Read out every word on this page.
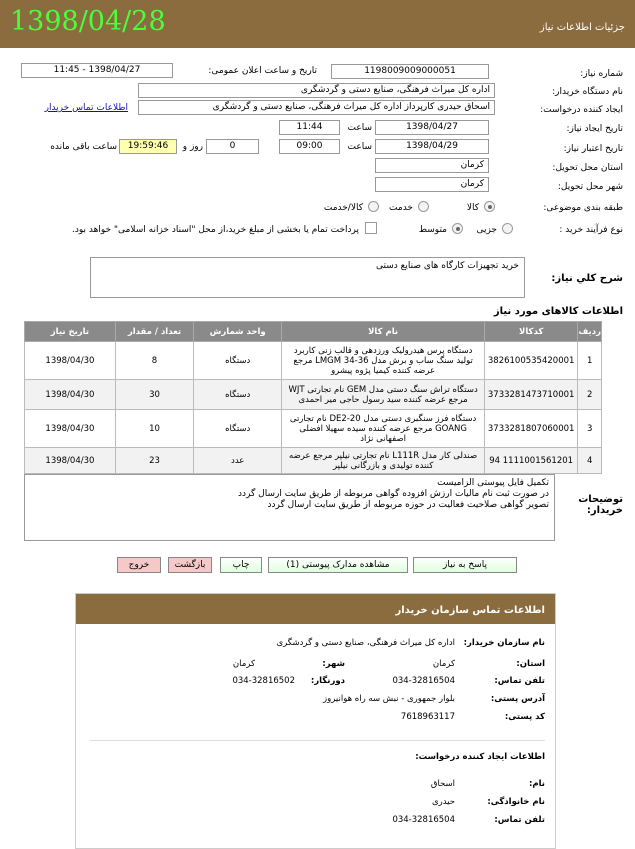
1398/04/28	جزئیات اطلاعات نیاز
شماره نیاز:
1198009009000051
تاریخ و ساعت اعلان عمومی:
1398/04/27 - 11:45
نام دستگاه خریدار:
اداره کل میراث فرهنگی، صنایع دستی و گردشگری
ایجاد کننده درخواست:
اسحاق حیدری کارپرداز اداره کل میراث فرهنگی، صنایع دستی و گردشگری
اطلاعات تماس خریدار
تاریخ ایجاد نیاز:
1398/04/27
ساعت
11:44
تاریخ اعتبار نیاز:
1398/04/29
ساعت
09:00
0
روز و
19:59:46
ساعت باقی مانده
استان محل تحویل:
کرمان
شهر محل تحویل:
کرمان
طبقه بندی موضوعی:
کالا
خدمت
کالا/خدمت
نوع فرآیند خرید :
جزیی
متوسط
پرداخت تمام یا بخشی از مبلغ خرید،از محل "اسناد خزانه اسلامی" خواهد بود.
شرح کلي نياز:
خرید تجهیزات کارگاه های صنایع دستی
اطلاعات کالاهای مورد نیاز
ردیف	کدکالا	نام کالا	واحد شمارش	تعداد / مقدار	تاریخ نیاز
1	3826100535420001	دستگاه پرس هیدرولیک ورزدهی و قالب زنی کاربرد تولید سنگ ساب و برش مدل 36-LMGM 34 مرجع عرضه کننده کیمیا پژوه پیشرو	دستگاه	8	1398/04/30
2	3733281473710001	دستگاه تراش سنگ دستی مدل GEM نام تجارتی WJT مرجع عرضه کننده سید رسول حاجی میر احمدی	دستگاه	30	1398/04/30
3	3733281807060001	دستگاه فرز سنگبری دستی مدل DE2-20 نام تجارتی GOANG مرجع عرضه کننده سیده سهیلا افضلی اصفهانی نژاد	دستگاه	10	1398/04/30
4	1111001561201 94	صندلی کار مدل L111R نام تجارتی نیلپر مرجع عرضه کننده تولیدی و بازرگانی نیلپر	عدد	23	1398/04/30
توضیحات خریدار:
تکمیل فایل پیوستی الزامیست
در صورت ثبت نام مالیات ارزش افزوده گواهی مربوطه از طریق سایت ارسال گردد
تصویر گواهی صلاحیت فعالیت در حوزه مربوطه از طریق سایت ارسال گردد
پاسخ به نیاز
مشاهده مدارک پیوستی (1)
چاپ
بازگشت
خروج
اطلاعات تماس سازمان خریدار
نام سازمان خریدار:
اداره کل میراث فرهنگی، صنایع دستی و گردشگری
استان:
کرمان
شهر:
کرمان
تلفن تماس:
034-32816504
دورنگار:
034-32816502
آدرس پستی:
بلوار جمهوری - نبش سه راه هوانیروز
کد پستی:
7618963117
اطلاعات ایجاد کننده درخواست:
نام:
اسحاق
نام خانوادگی:
حیدری
تلفن تماس:
034-32816504
